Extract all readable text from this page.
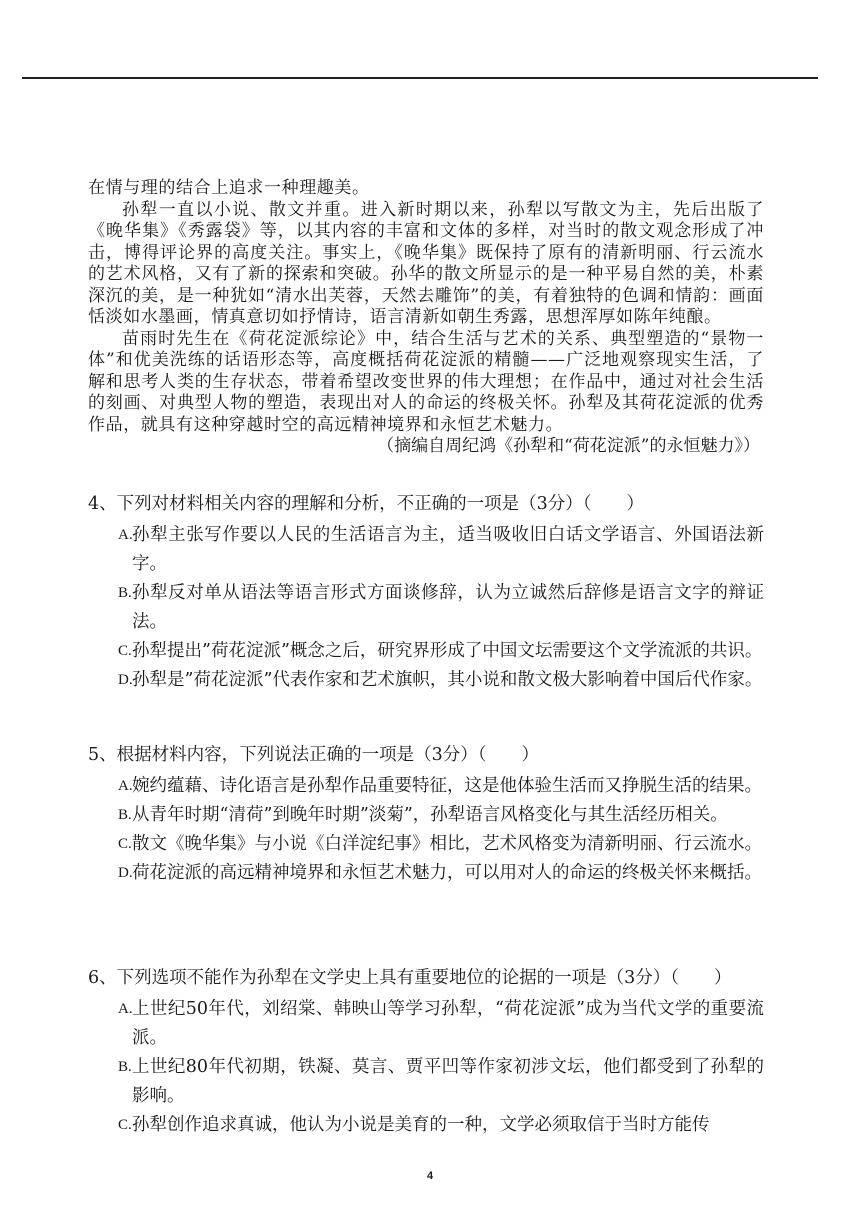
在情与理的结合上追求一种理趣美。

孙犁一直以小说、散文并重。进入新时期以来，孙犁以写散文为主，先后出版了《晚华集》《秀露袋》等，以其内容的丰富和文体的多样，对当时的散文观念形成了冲击，博得评论界的高度关注。事实上，《晚华集》既保持了原有的清新明丽、行云流水的艺术风格，又有了新的探索和突破。孙华的散文所显示的是一种平易自然的美，朴素深沉的美，是一种犹如“清水出芙蓉，天然去雕饰”的美，有着独特的色调和情韵：画面恬淡如水墨画，情真意切如抒情诗，语言清新如朝生秀露，思想浑厚如陈年纯酿。

苗雨时先生在《荷花淀派综论》中，结合生活与艺术的关系、典型塑造的“景物一体”和优美洗练的话语形态等，高度概括荷花淀派的精髓——广泛地观察现实生活，了解和思考人类的生存状态，带着希望改变世界的伟大理想；在作品中，通过对社会生活的刻画、对典型人物的塑造，表现出对人的命运的终极关怀。孙犁及其荷花淀派的优秀作品，就具有这种穿越时空的高远精神境界和永恒艺术魅力。

（摘编自周纪鸿《孙犁和“荷花淀派”的永恒魅力》）

4、下列对材料相关内容的理解和分析，不正确的一项是（3分）（　　）

A. 孙犁主张写作要以人民的生活语言为主，适当吸收旧白话文学语言、外国语法新字。

B. 孙犁反对单从语法等语言形式方面谈修辞，认为立诚然后辞修是语言文字的辩证法。

C. 孙犁提出”荷花淀派”概念之后，研究界形成了中国文坛需要这个文学流派的共识。

D. 孙犁是”荷花淀派”代表作家和艺术旗帜，其小说和散文极大影响着中国后代作家。

5、根据材料内容，下列说法正确的一项是（3分）（　　）

A. 婉约蕴藉、诗化语言是孙犁作品重要特征，这是他体验生活而又挣脱生活的结果。

B. 从青年时期“清荷”到晚年时期”淡菊”，孙犁语言风格变化与其生活经历相关。

C. 散文《晚华集》与小说《白洋淀纪事》相比，艺术风格变为清新明丽、行云流水。

D. 荷花淀派的高远精神境界和永恒艺术魅力，可以用对人的命运的终极关怀来概括。

6、下列选项不能作为孙犁在文学史上具有重要地位的论据的一项是（3分）（　　）

A. 上世纪50年代，刘绍棠、韩映山等学习孙犁，“荷花淀派”成为当代文学的重要流派。

B. 上世纪80年代初期，铁凝、莫言、贾平凹等作家初涉文坛，他们都受到了孙犁的影响。

C. 孙犁创作追求真诚，他认为小说是美育的一种，文学必须取信于当时方能传

4
